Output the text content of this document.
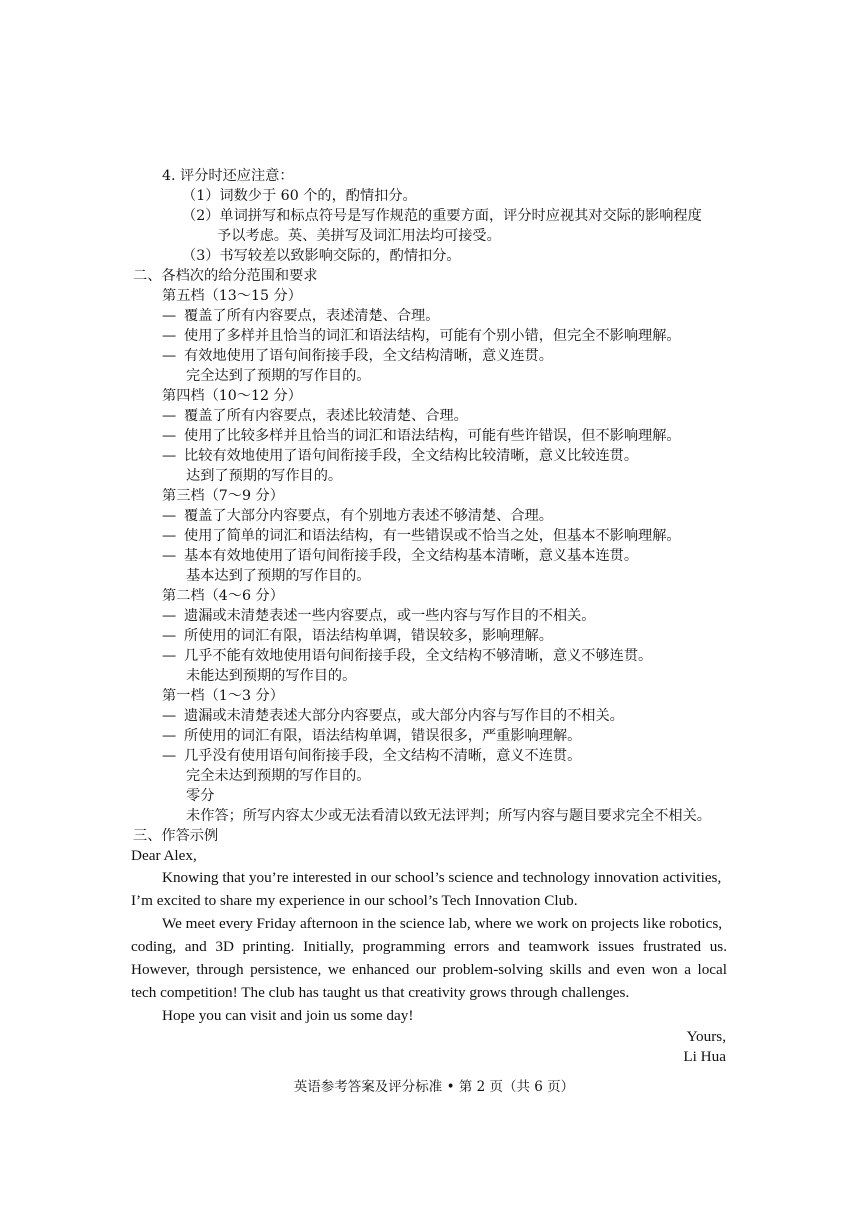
4. 评分时还应注意：
（1）词数少于 60 个的，酌情扣分。
（2）单词拼写和标点符号是写作规范的重要方面，评分时应视其对交际的影响程度
予以考虑。英、美拼写及词汇用法均可接受。
（3）书写较差以致影响交际的，酌情扣分。
二、各档次的给分范围和要求
第五档（13～15 分）
— 覆盖了所有内容要点，表述清楚、合理。
— 使用了多样并且恰当的词汇和语法结构，可能有个别小错，但完全不影响理解。
— 有效地使用了语句间衔接手段，全文结构清晰，意义连贯。
完全达到了预期的写作目的。
第四档（10～12 分）
— 覆盖了所有内容要点，表述比较清楚、合理。
— 使用了比较多样并且恰当的词汇和语法结构，可能有些许错误，但不影响理解。
— 比较有效地使用了语句间衔接手段，全文结构比较清晰，意义比较连贯。
达到了预期的写作目的。
第三档（7～9 分）
— 覆盖了大部分内容要点，有个别地方表述不够清楚、合理。
— 使用了简单的词汇和语法结构，有一些错误或不恰当之处，但基本不影响理解。
— 基本有效地使用了语句间衔接手段，全文结构基本清晰，意义基本连贯。
基本达到了预期的写作目的。
第二档（4～6 分）
— 遗漏或未清楚表述一些内容要点，或一些内容与写作目的不相关。
— 所使用的词汇有限，语法结构单调，错误较多，影响理解。
— 几乎不能有效地使用语句间衔接手段，全文结构不够清晰，意义不够连贯。
未能达到预期的写作目的。
第一档（1～3 分）
— 遗漏或未清楚表述大部分内容要点，或大部分内容与写作目的不相关。
— 所使用的词汇有限，语法结构单调，错误很多，严重影响理解。
— 几乎没有使用语句间衔接手段，全文结构不清晰，意义不连贯。
完全未达到预期的写作目的。
零分
未作答；所写内容太少或无法看清以致无法评判；所写内容与题目要求完全不相关。
三、作答示例
Dear Alex,
Knowing that you’re interested in our school’s science and technology innovation activities,
I’m excited to share my experience in our school’s Tech Innovation Club.
We meet every Friday afternoon in the science lab, where we work on projects like robotics,
coding, and 3D printing. Initially, programming errors and teamwork issues frustrated us.
However, through persistence, we enhanced our problem-solving skills and even won a local
tech competition! The club has taught us that creativity grows through challenges.
Hope you can visit and join us some day!
Yours,
Li Hua
英语参考答案及评分标准 • 第 2 页（共 6 页）
